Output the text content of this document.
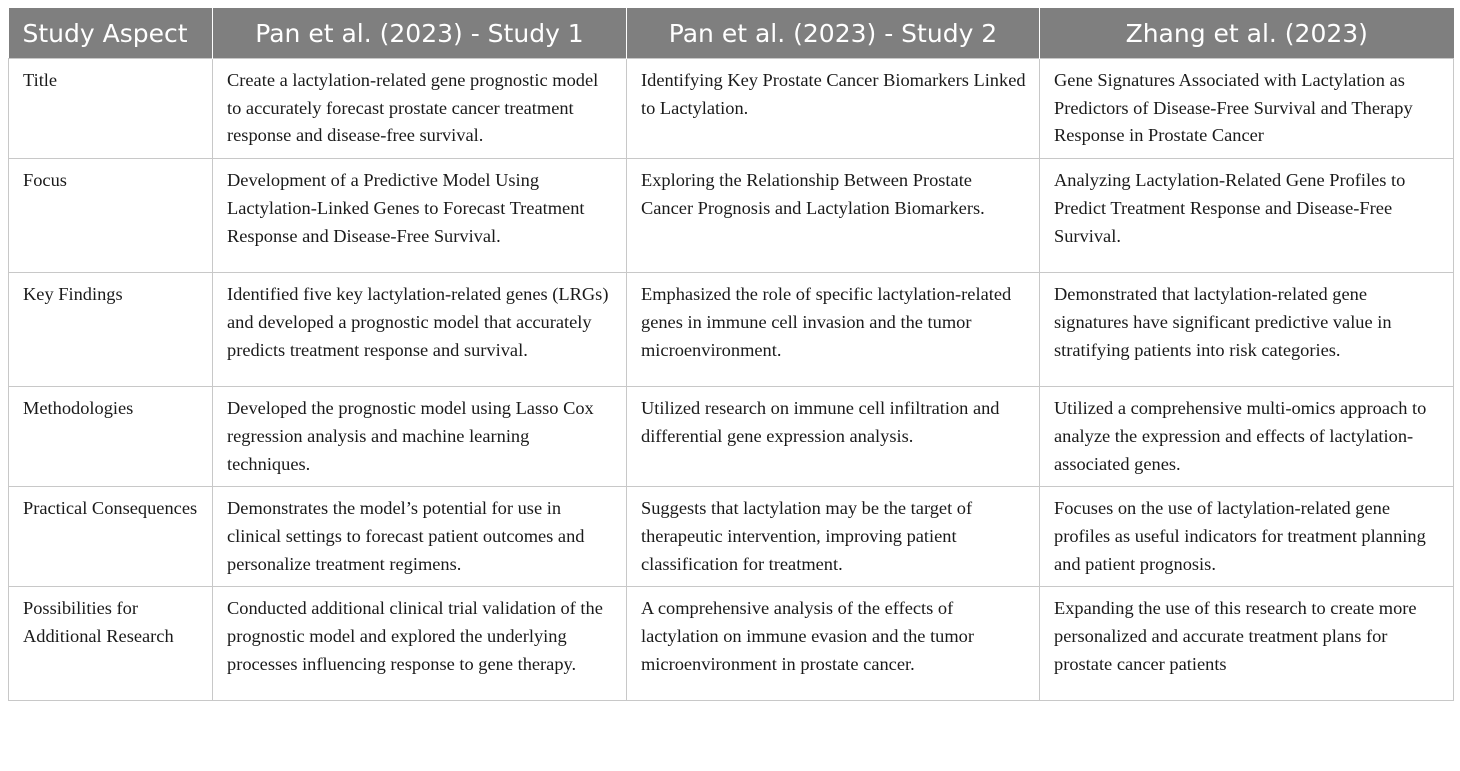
Study Aspect	Pan et al. (2023) - Study 1	Pan et al. (2023) - Study 2	Zhang et al. (2023)
Title	Create a lactylation-related gene prognostic model to accurately forecast prostate cancer treatment response and disease-free survival.	Identifying Key Prostate Cancer Biomarkers Linked to Lactylation.	Gene Signatures Associated with Lactylation as Predictors of Disease-Free Survival and Therapy Response in Prostate Cancer
Focus	Development of a Predictive Model Using Lactylation-Linked Genes to Forecast Treatment Response and Disease-Free Survival.	Exploring the Relationship Between Prostate Cancer Prognosis and Lactylation Biomarkers.	Analyzing Lactylation-Related Gene Profiles to Predict Treatment Response and Disease-Free Survival.
Key Findings	Identified five key lactylation-related genes (LRGs) and developed a prognostic model that accurately predicts treatment response and survival.	Emphasized the role of specific lactylation-related genes in immune cell invasion and the tumor microenvironment.	Demonstrated that lactylation-related gene signatures have significant predictive value in stratifying patients into risk categories.
Methodologies	Developed the prognostic model using Lasso Cox regression analysis and machine learning techniques.	Utilized research on immune cell infiltration and differential gene expression analysis.	Utilized a comprehensive multi-omics approach to analyze the expression and effects of lactylation-associated genes.
Practical Consequences	Demonstrates the model’s potential for use in clinical settings to forecast patient outcomes and personalize treatment regimens.	Suggests that lactylation may be the target of therapeutic intervention, improving patient classification for treatment.	Focuses on the use of lactylation-related gene profiles as useful indicators for treatment planning and patient prognosis.
Possibilities for Additional Research	Conducted additional clinical trial validation of the prognostic model and explored the underlying processes influencing response to gene therapy.	A comprehensive analysis of the effects of lactylation on immune evasion and the tumor microenvironment in prostate cancer.	Expanding the use of this research to create more personalized and accurate treatment plans for prostate cancer patients
